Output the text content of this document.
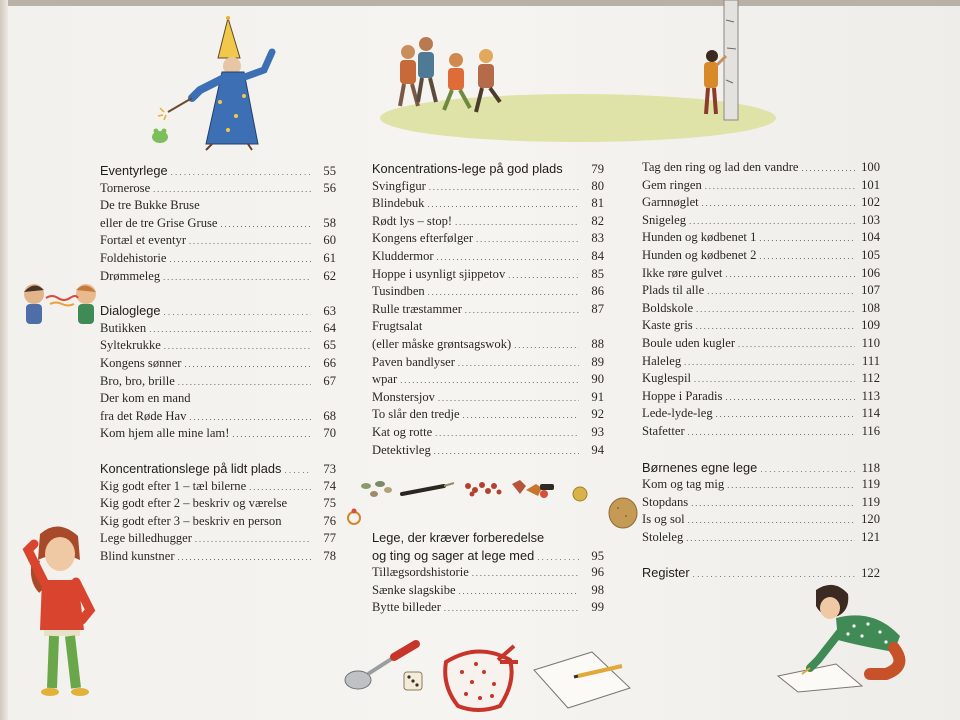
Eventyrlege . . .	55
Tornerose . . .	56
De tre Bukke Bruse
eller de tre Grise Gruse . . .	58
Fortæl et eventyr . . .	60
Foldehistorie . . .	61
Drømmeleg . . .	62
Dialoglege . . .	63
Butikken . . .	64
Syltekrukke . . .	65
Kongens sønner . . .	66
Bro, bro, brille . . .	67
Der kom en mand
fra det Røde Hav . . .	68
Kom hjem alle mine lam! . . .	70
Koncentrationslege på lidt plads . . .	73
Kig godt efter 1 – tæl bilerne . . .	74
Kig godt efter 2 – beskriv og værelse	75
Kig godt efter 3 – beskriv en person	76
Lege billedhugger . . .	77
Blind kunstner . . .	78
Koncentrations-lege på god plads	79
Svingfigur . . .	80
Blindebuk . . .	81
Rødt lys – stop! . . .	82
Kongens efterfølger . . .	83
Kluddermor . . .	84
Hoppe i usynligt sjippetov . . .	85
Tusindben . . .	86
Rulle træstammer . . .	87
Frugtsalat
(eller måske grøntsagswok) . . .	88
Paven bandlyser . . .	89
wpar . . .	90
Monstersjov . . .	91
To slår den tredje . . .	92
Kat og rotte . . .	93
Detektivleg . . .	94
Lege, der kræver forberedelse
og ting og sager at lege med . . .	95
Tillægsordshistorie . . .	96
Sænke slagskibe . . .	98
Bytte billeder . . .	99
Tag den ring og lad den vandre . . .	100
Gem ringen . . .	101
Garnnøglet . . .	102
Snigeleg . . .	103
Hunden og kødbenet 1 . . .	104
Hunden og kødbenet 2 . . .	105
Ikke røre gulvet . . .	106
Plads til alle . . .	107
Boldskole . . .	108
Kaste gris . . .	109
Boule uden kugler . . .	110
Haleleg . . .	111
Kuglespil . . .	112
Hoppe i Paradis . . .	113
Lede-lyde-leg . . .	114
Stafetter . . .	116
Børnenes egne lege . . .	118
Kom og tag mig . . .	119
Stopdans . . .	119
Is og sol . . .	120
Stoleleg . . .	121
Register . . .	122
